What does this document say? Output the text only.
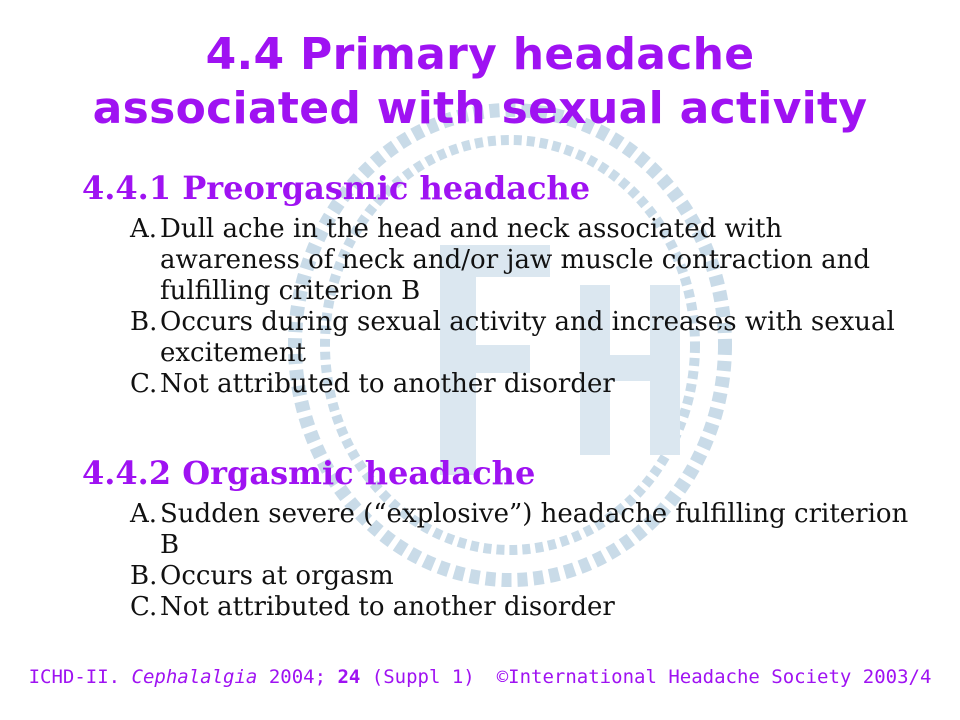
4.4 Primary headache
associated with sexual activity
4.4.1 Preorgasmic headache
A. Dull ache in the head and neck associated with awareness of neck and/or jaw muscle contraction and fulfilling criterion B
B. Occurs during sexual activity and increases with sexual excitement
C. Not attributed to another disorder
4.4.2 Orgasmic headache
A. Sudden severe (“explosive”) headache fulfilling criterion B
B. Occurs at orgasm
C. Not attributed to another disorder
ICHD-II. Cephalalgia 2004; 24 (Suppl 1) ©International Headache Society 2003/4
